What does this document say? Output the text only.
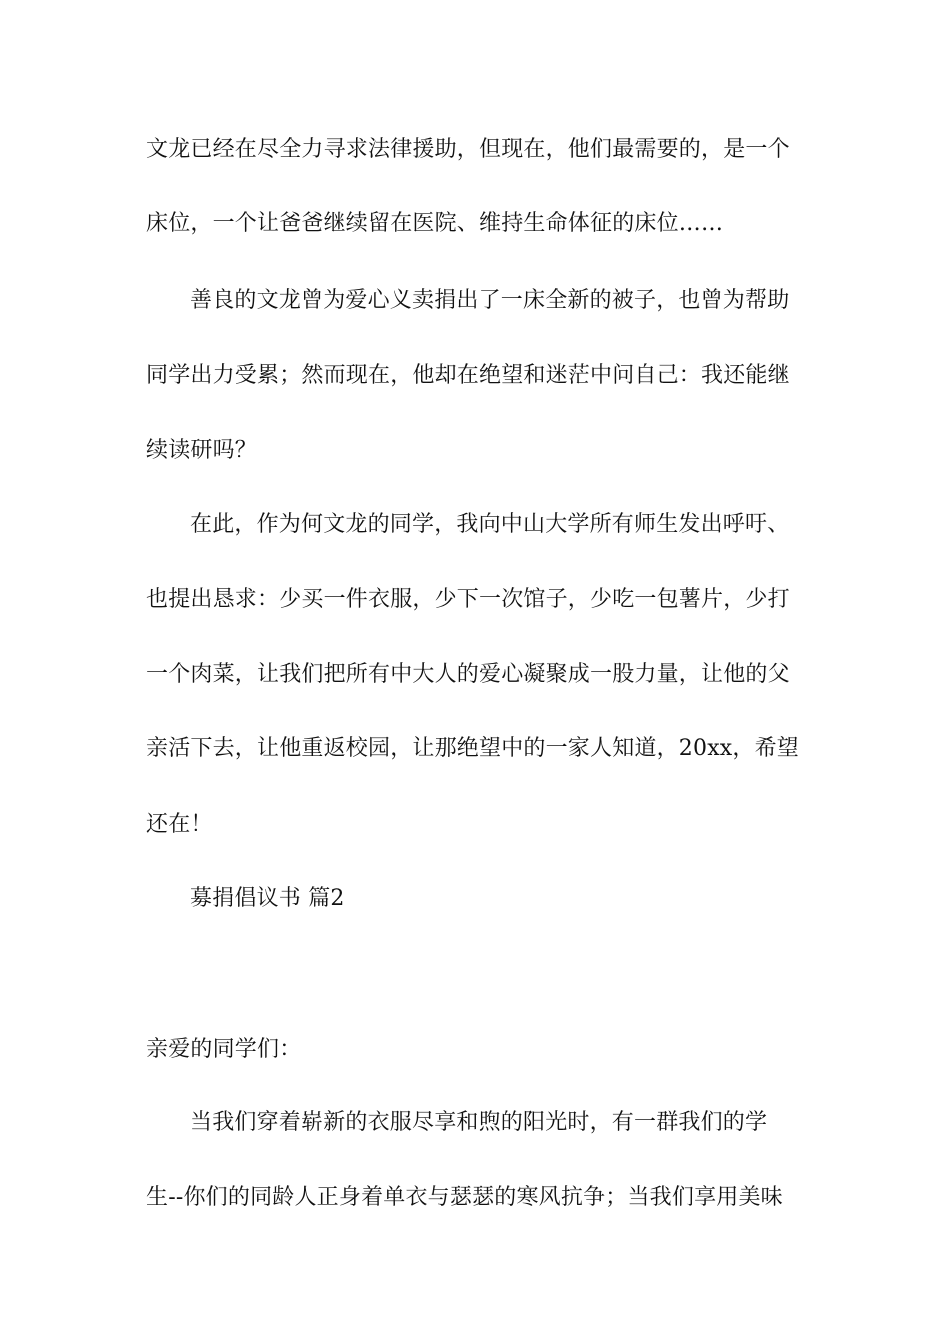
文龙已经在尽全力寻求法律援助，但现在，他们最需要的，是一个
床位，一个让爸爸继续留在医院、维持生命体征的床位……
善良的文龙曾为爱心义卖捐出了一床全新的被子，也曾为帮助
同学出力受累；然而现在，他却在绝望和迷茫中问自己：我还能继
续读研吗？
在此，作为何文龙的同学，我向中山大学所有师生发出呼吁、
也提出恳求：少买一件衣服，少下一次馆子，少吃一包薯片，少打
一个肉菜，让我们把所有中大人的爱心凝聚成一股力量，让他的父
亲活下去，让他重返校园，让那绝望中的一家人知道，20xx，希望
还在！
募捐倡议书 篇2
亲爱的同学们：
当我们穿着崭新的衣服尽享和煦的阳光时，有一群我们的学
生--你们的同龄人正身着单衣与瑟瑟的寒风抗争；当我们享用美味
